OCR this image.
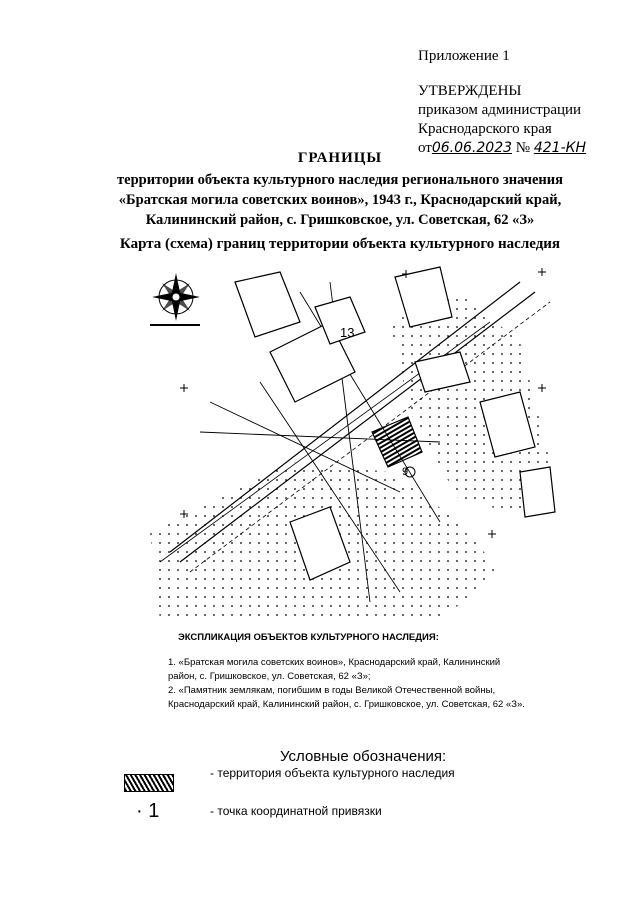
Приложение 1
УТВЕРЖДЕНЫ
приказом администрации
Краснодарского края
от06.06.2023 № 421-КН
ГРАНИЦЫ
территории объекта культурного наследия регионального значения
«Братская могила советских воинов», 1943 г., Краснодарский край,
Калининский район, с. Гришковское, ул. Советская, 62 «З»
Карта (схема) границ территории объекта культурного наследия
13
9
ЭКСПЛИКАЦИЯ ОБЪЕКТОВ КУЛЬТУРНОГО НАСЛЕДИЯ:
1. «Братская могила советских воинов», Краснодарский край, Калининский район, с. Гришковское, ул. Советская, 62 «З»;
2. «Памятник землякам, погибшим в годы Великой Отечественной войны, Краснодарский край, Калининский район, с. Гришковское, ул. Советская, 62 «З».
Условные обозначения:
- территория объекта культурного наследия
· 1	- точка координатной привязки
